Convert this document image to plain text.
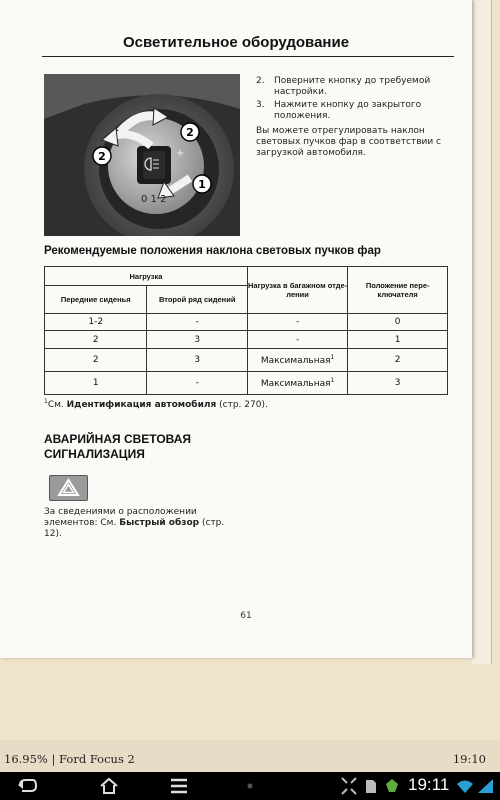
Осветительное оборудование
0 1 2
+
2
2
1
E132711
2. Поверните кнопку до требуемой настройки.
3. Нажмите кнопку до закрытого положения.
Вы можете отрегулировать наклон световых пучков фар в соответствии с загрузкой автомобиля.
Рекомендуемые положения наклона световых пучков фар
Нагрузка		Нагрузка в багажном отде-лении	Положение пере-ключателя
Передние сиденья	Второй ряд сидений		
1-2	-	-	0
2	3	-	1
2	3	Максимальная$^1$	2
1	-	Максимальная$^1$	3
$^1$См. Идентификация автомобиля (стр. 270).
АВАРИЙНАЯ СВЕТОВАЯ СИГНАЛИЗАЦИЯ
За сведениями о расположении элементов: См. Быстрый обзор (стр. 12).
61
16.95% | Ford Focus 2	19:10
19:11
